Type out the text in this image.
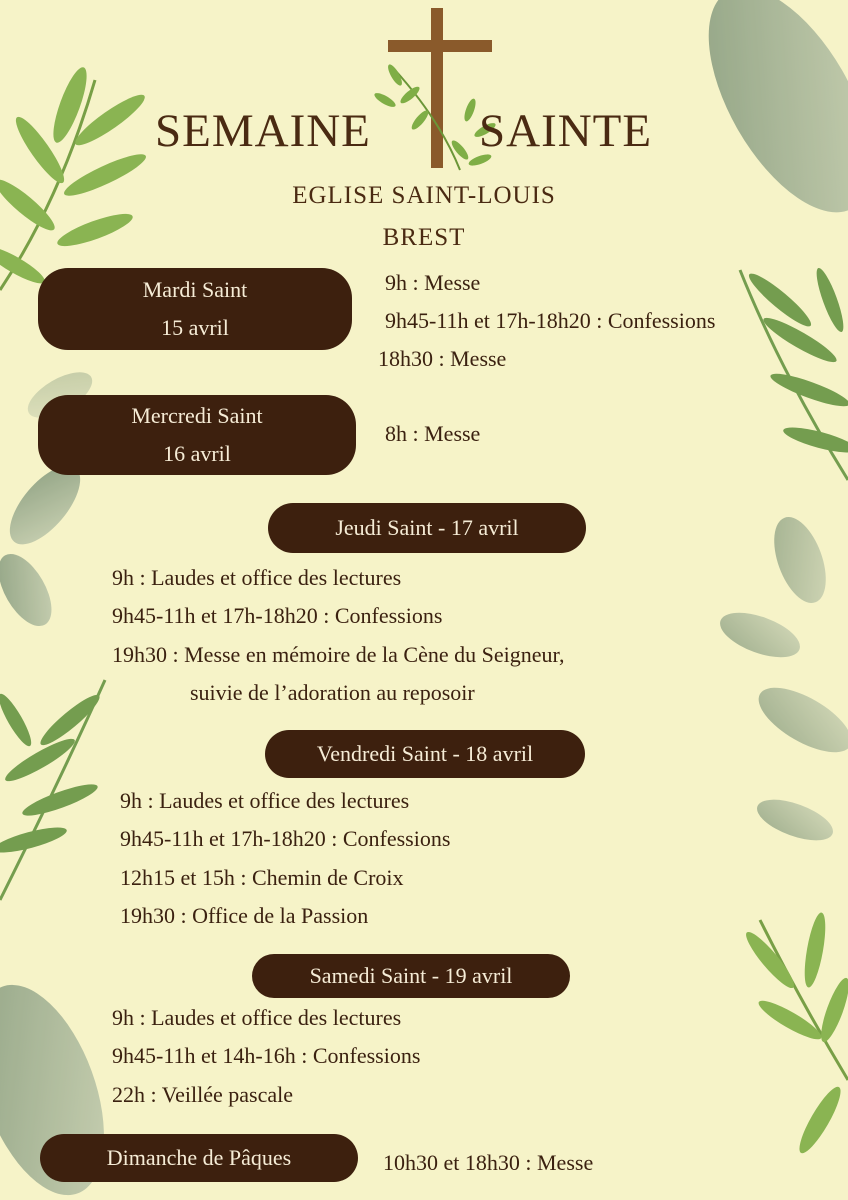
SEMAINE SAINTE
EGLISE SAINT-LOUIS
BREST
Mardi Saint
15 avril
9h : Messe
9h45-11h et 17h-18h20 : Confessions
18h30 : Messe
Mercredi Saint
16 avril
8h : Messe
Jeudi Saint - 17 avril
9h : Laudes et office des lectures
9h45-11h et 17h-18h20 : Confessions
19h30 : Messe en mémoire de la Cène du Seigneur,
suivie de l’adoration au reposoir
Vendredi Saint - 18 avril
9h : Laudes et office des lectures
9h45-11h et 17h-18h20 : Confessions
12h15 et 15h : Chemin de Croix
19h30 : Office de la Passion
Samedi Saint - 19 avril
9h : Laudes et office des lectures
9h45-11h et 14h-16h : Confessions
22h : Veillée pascale
Dimanche de Pâques	10h30 et 18h30 : Messe
